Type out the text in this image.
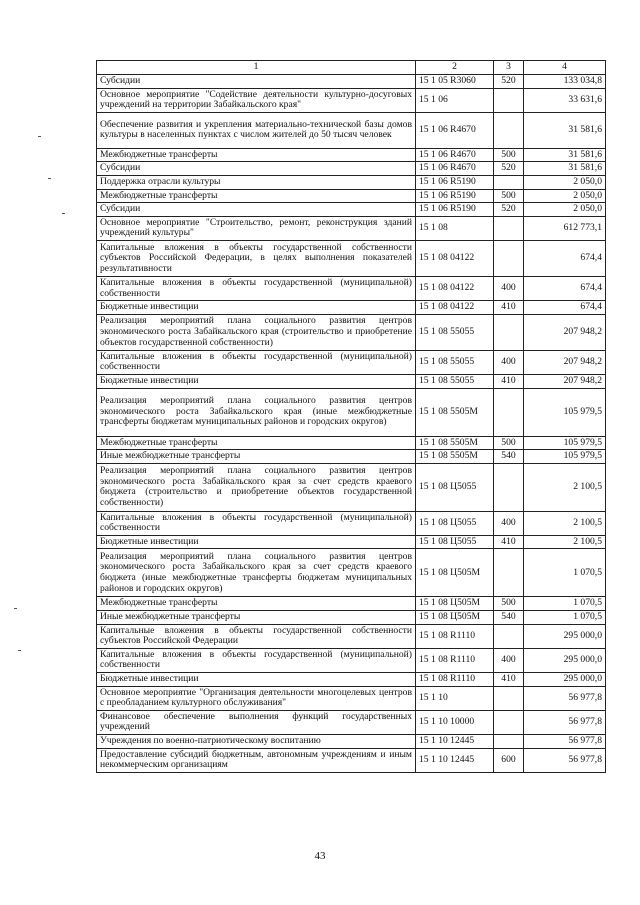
1	2	3	4
Субсидии	15 1 05 R3060	520	133 034,8
Основное мероприятие "Содействие деятельности культурно-досуговых учреждений на территории Забайкальского края"	15 1 06		33 631,6
Обеспечение развития и укрепления материально-технической базы домов культуры в населенных пунктах с числом жителей до 50 тысяч человек	15 1 06 R4670		31 581,6
Межбюджетные трансферты	15 1 06 R4670	500	31 581,6
Субсидии	15 1 06 R4670	520	31 581,6
Поддержка отрасли культуры	15 1 06 R5190		2 050,0
Межбюджетные трансферты	15 1 06 R5190	500	2 050,0
Субсидии	15 1 06 R5190	520	2 050,0
Основное мероприятие "Строительство, ремонт, реконструкция зданий учреждений культуры"	15 1 08		612 773,1
Капитальные вложения в объекты государственной собственности субъектов Российской Федерации, в целях выполнения показателей результативности	15 1 08 04122		674,4
Капитальные вложения в объекты государственной (муниципальной) собственности	15 1 08 04122	400	674,4
Бюджетные инвестиции	15 1 08 04122	410	674,4
Реализация мероприятий плана социального развития центров экономического роста Забайкальского края (строительство и приобретение объектов государственной собственности)	15 1 08 55055		207 948,2
Капитальные вложения в объекты государственной (муниципальной) собственности	15 1 08 55055	400	207 948,2
Бюджетные инвестиции	15 1 08 55055	410	207 948,2
Реализация мероприятий плана социального развития центров экономического роста Забайкальского края (иные межбюджетные трансферты бюджетам муниципальных районов и городских округов)	15 1 08 5505М		105 979,5
Межбюджетные трансферты	15 1 08 5505М	500	105 979,5
Иные межбюджетные трансферты	15 1 08 5505М	540	105 979,5
Реализация мероприятий плана социального развития центров экономического роста Забайкальского края за счет средств краевого бюджета (строительство и приобретение объектов государственной собственности)	15 1 08 Ц5055		2 100,5
Капитальные вложения в объекты государственной (муниципальной) собственности	15 1 08 Ц5055	400	2 100,5
Бюджетные инвестиции	15 1 08 Ц5055	410	2 100,5
Реализация мероприятий плана социального развития центров экономического роста Забайкальского края за счет средств краевого бюджета (иные межбюджетные трансферты бюджетам муниципальных районов и городских округов)	15 1 08 Ц505М		1 070,5
Межбюджетные трансферты	15 1 08 Ц505М	500	1 070,5
Иные межбюджетные трансферты	15 1 08 Ц505М	540	1 070,5
Капитальные вложения в объекты государственной собственности субъектов Российской Федерации	15 1 08 R1110		295 000,0
Капитальные вложения в объекты государственной (муниципальной) собственности	15 1 08 R1110	400	295 000,0
Бюджетные инвестиции	15 1 08 R1110	410	295 000,0
Основное мероприятие "Организация деятельности многоцелевых центров с преобладанием культурного обслуживания"	15 1 10		56 977,8
Финансовое обеспечение выполнения функций государственных учреждений	15 1 10 10000		56 977,8
Учреждения по военно-патриотическому воспитанию	15 1 10 12445		56 977,8
Предоставление субсидий бюджетным, автономным учреждениям и иным некоммерческим организациям	15 1 10 12445	600	56 977,8
43
